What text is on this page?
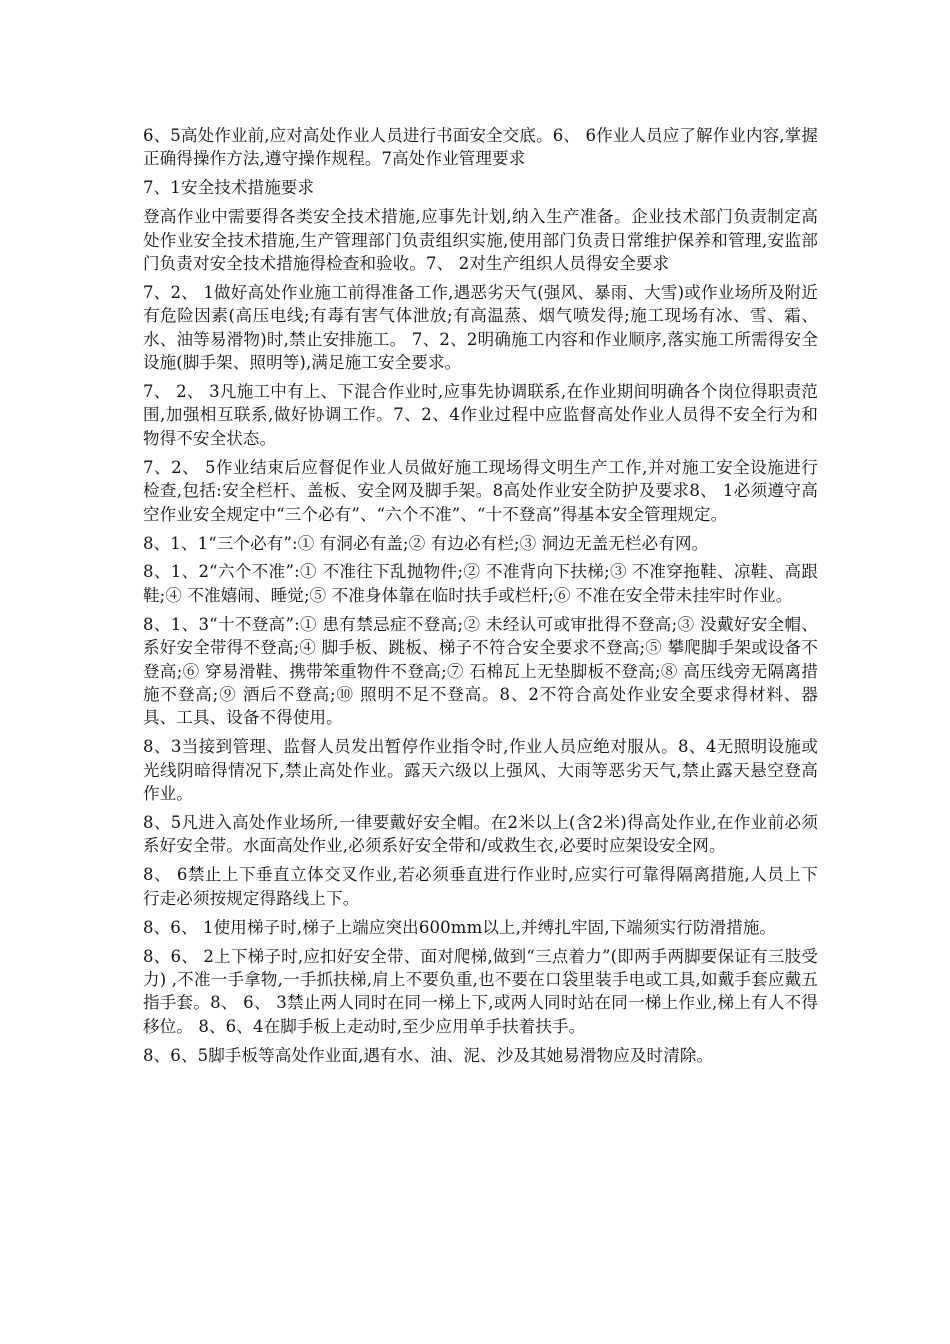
6、5高处作业前,应对高处作业人员进行书面安全交底。6、 6作业人员应了解作业内容,掌握正确得操作方法,遵守操作规程。7高处作业管理要求

7、1安全技术措施要求

登高作业中需要得各类安全技术措施,应事先计划,纳入生产准备。企业技术部门负责制定高处作业安全技术措施,生产管理部门负责组织实施,使用部门负责日常维护保养和管理,安监部门负责对安全技术措施得检查和验收。7、 2对生产组织人员得安全要求

7、2、 1做好高处作业施工前得准备工作,遇恶劣天气(强风、暴雨、大雪)或作业场所及附近有危险因素(高压电线;有毒有害气体泄放;有高温蒸、烟气喷发得;施工现场有冰、雪、霜、水、油等易滑物)时,禁止安排施工。 7、2、2明确施工内容和作业顺序,落实施工所需得安全设施(脚手架、照明等),满足施工安全要求。

7、 2、 3凡施工中有上、下混合作业时,应事先协调联系,在作业期间明确各个岗位得职责范围,加强相互联系,做好协调工作。7、2、4作业过程中应监督高处作业人员得不安全行为和物得不安全状态。

7、2、 5作业结束后应督促作业人员做好施工现场得文明生产工作,并对施工安全设施进行检查,包括:安全栏杆、盖板、安全网及脚手架。8高处作业安全防护及要求8、 1必须遵守高空作业安全规定中“三个必有”、“六个不准”、“十不登高”得基本安全管理规定。

8、1、1“三个必有”:① 有洞必有盖;② 有边必有栏;③ 洞边无盖无栏必有网。

8、1、2“六个不准”:① 不准往下乱抛物件;② 不准背向下扶梯;③ 不准穿拖鞋、凉鞋、高跟鞋;④ 不准嬉闹、睡觉;⑤ 不准身体靠在临时扶手或栏杆;⑥ 不准在安全带未挂牢时作业。

8、1、3“十不登高”:① 患有禁忌症不登高;② 未经认可或审批得不登高;③ 没戴好安全帽、系好安全带得不登高;④ 脚手板、跳板、梯子不符合安全要求不登高;⑤ 攀爬脚手架或设备不登高;⑥ 穿易滑鞋、携带笨重物件不登高;⑦ 石棉瓦上无垫脚板不登高;⑧ 高压线旁无隔离措施不登高;⑨ 酒后不登高;⑩ 照明不足不登高。8、2不符合高处作业安全要求得材料、器具、工具、设备不得使用。

8、3当接到管理、监督人员发出暂停作业指令时,作业人员应绝对服从。8、4无照明设施或光线阴暗得情况下,禁止高处作业。露天六级以上强风、大雨等恶劣天气,禁止露天悬空登高作业。

8、5凡进入高处作业场所,一律要戴好安全帽。在2米以上(含2米)得高处作业,在作业前必须系好安全带。水面高处作业,必须系好安全带和/或救生衣,必要时应架设安全网。

8、 6禁止上下垂直立体交叉作业,若必须垂直进行作业时,应实行可靠得隔离措施,人员上下行走必须按规定得路线上下。

8、6、 1使用梯子时,梯子上端应突出600mm以上,并缚扎牢固,下端须实行防滑措施。

8、6、 2上下梯子时,应扣好安全带、面对爬梯,做到“三点着力”(即两手两脚要保证有三肢受力) ,不准一手拿物,一手抓扶梯,肩上不要负重,也不要在口袋里装手电或工具,如戴手套应戴五指手套。8、 6、 3禁止两人同时在同一梯上下,或两人同时站在同一梯上作业,梯上有人不得移位。 8、6、4在脚手板上走动时,至少应用单手扶着扶手。

8、6、5脚手板等高处作业面,遇有水、油、泥、沙及其她易滑物应及时清除。
